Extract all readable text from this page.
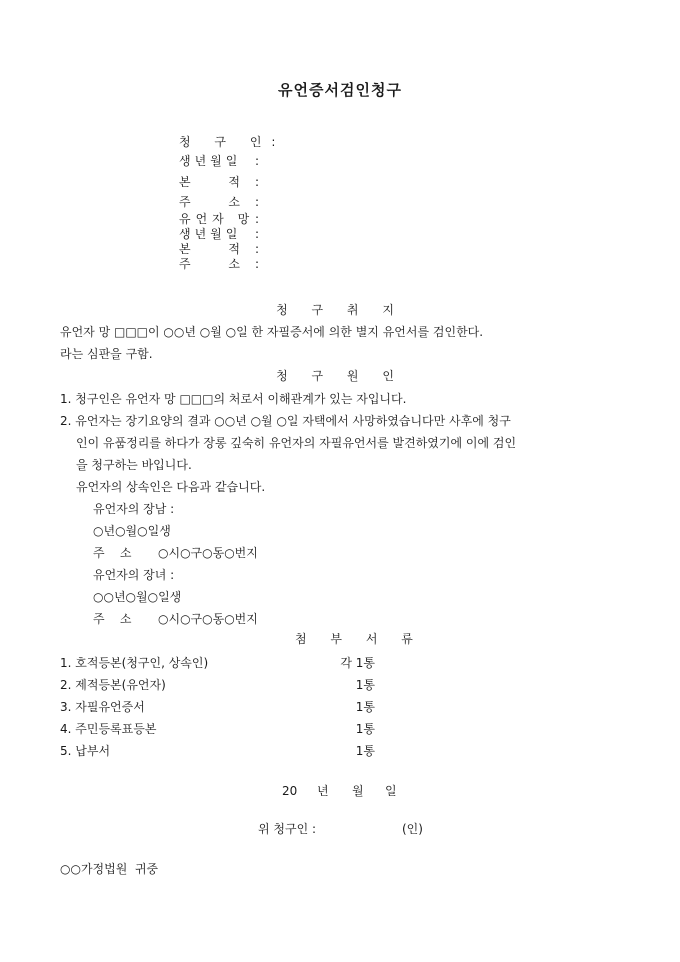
유언증서검인청구
청 구 인 :
생년월일 :
본 적 :
주 소 :
유언자 망 :
생년월일 :
본 적 :
주 소 :
청 구 취 지
유언자 망 □□□이 ○○년 ○월 ○일 한 자필증서에 의한 별지 유언서를 검인한다.
라는 심판을 구함.
청 구 원 인
1. 청구인은 유언자 망 □□□의 처로서 이해관계가 있는 자입니다.
2. 유언자는 장기요양의 결과 ○○년 ○월 ○일 자택에서 사망하였습니다만 사후에 청구
인이 유품정리를 하다가 장롱 깊숙히 유언자의 자필유언서를 발견하였기에 이에 검인
을 청구하는 바입니다.
유언자의 상속인은 다음과 같습니다.
유언자의 장남 :
○년○월○일생
주    소 ○시○구○동○번지
유언자의 장녀 :
○○년○월○일생
주    소 ○시○구○동○번지
첨 부 서 류
1. 호적등본(청구인, 상속인)	각 1통
2. 제적등본(유언자)	1통
3. 자필유언증서	1통
4. 주민등록표등본	1통
5. 납부서	1통
20 년 월 일
위 청구인 :	(인)
○○가정법원  귀중
